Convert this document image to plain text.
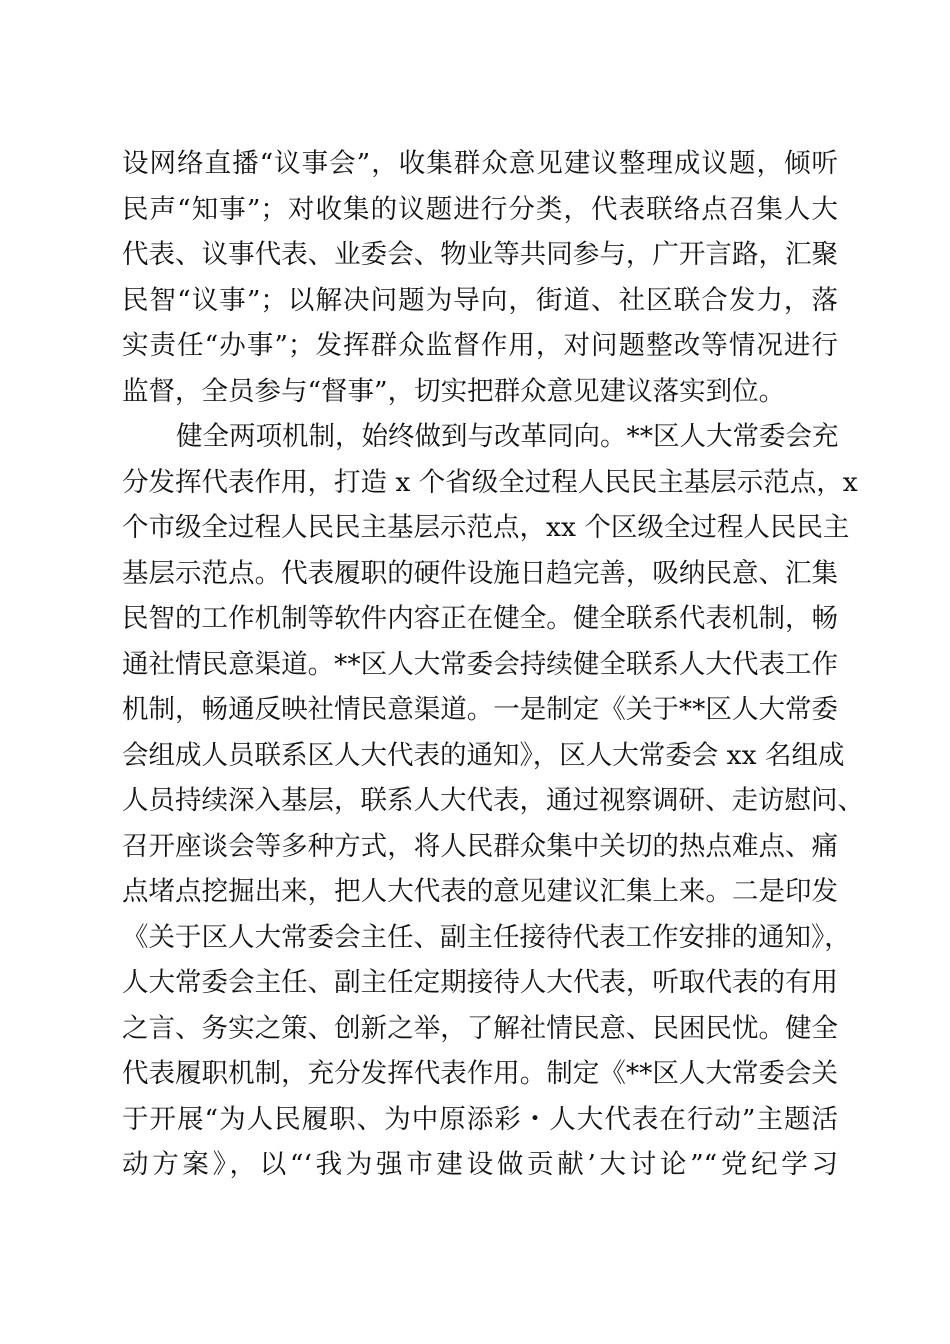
设网络直播“议事会”，收集群众意见建议整理成议题，倾听
民声“知事”；对收集的议题进行分类，代表联络点召集人大
代表、议事代表、业委会、物业等共同参与，广开言路，汇聚
民智“议事”；以解决问题为导向，街道、社区联合发力，落
实责任“办事”；发挥群众监督作用，对问题整改等情况进行
监督，全员参与“督事”，切实把群众意见建议落实到位。
健全两项机制，始终做到与改革同向。**区人大常委会充
分发挥代表作用，打造 x 个省级全过程人民民主基层示范点，x
个市级全过程人民民主基层示范点，xx 个区级全过程人民民主
基层示范点。代表履职的硬件设施日趋完善，吸纳民意、汇集
民智的工作机制等软件内容正在健全。健全联系代表机制，畅
通社情民意渠道。**区人大常委会持续健全联系人大代表工作
机制，畅通反映社情民意渠道。一是制定《关于**区人大常委
会组成人员联系区人大代表的通知》，区人大常委会 xx 名组成
人员持续深入基层，联系人大代表，通过视察调研、走访慰问、
召开座谈会等多种方式，将人民群众集中关切的热点难点、痛
点堵点挖掘出来，把人大代表的意见建议汇集上来。二是印发
《关于区人大常委会主任、副主任接待代表工作安排的通知》，
人大常委会主任、副主任定期接待人大代表，听取代表的有用
之言、务实之策、创新之举，了解社情民意、民困民忧。健全
代表履职机制，充分发挥代表作用。制定《**区人大常委会关
于开展“为人民履职、为中原添彩・人大代表在行动”主题活
动方案》，以“‘我为强市建设做贡献’大讨论”“党纪学习
